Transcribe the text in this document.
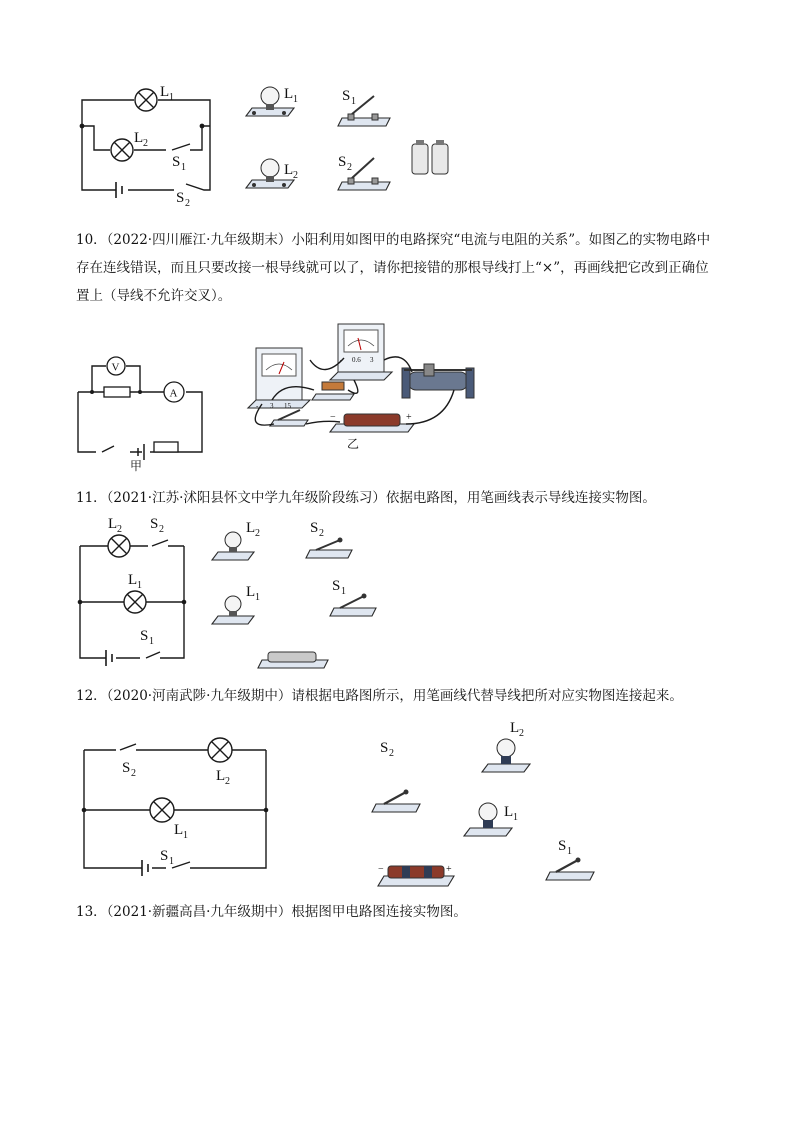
L 1
L 2
S 1
S 2
L 1
L 2
S 1
S 2
10．（2022·四川雁江·九年级期末）小阳利用如图甲的电路探究“电流与电阻的关系”。如图乙的实物电路中存在连线错误，而且只要改接一根导线就可以了，请你把接错的那根导线打上“×”，再画线把它改到正确位置上（导线不允许交叉）。
V
A
甲
- 3 15
- 0.6 3
−	+
乙
11．（2021·江苏·沭阳县怀文中学九年级阶段练习）依据电路图，用笔画线表示导线连接实物图。
L 2 S 2
L 1
S 1
L 2
L 1
S 2
S 1
12．（2020·河南武陟·九年级期中）请根据电路图所示，用笔画线代替导线把所对应实物图连接起来。
S 2	L 2
L 1
S 1
S 2
L 2
L 1
S 1
−	+
13．（2021·新疆高昌·九年级期中）根据图甲电路图连接实物图。
